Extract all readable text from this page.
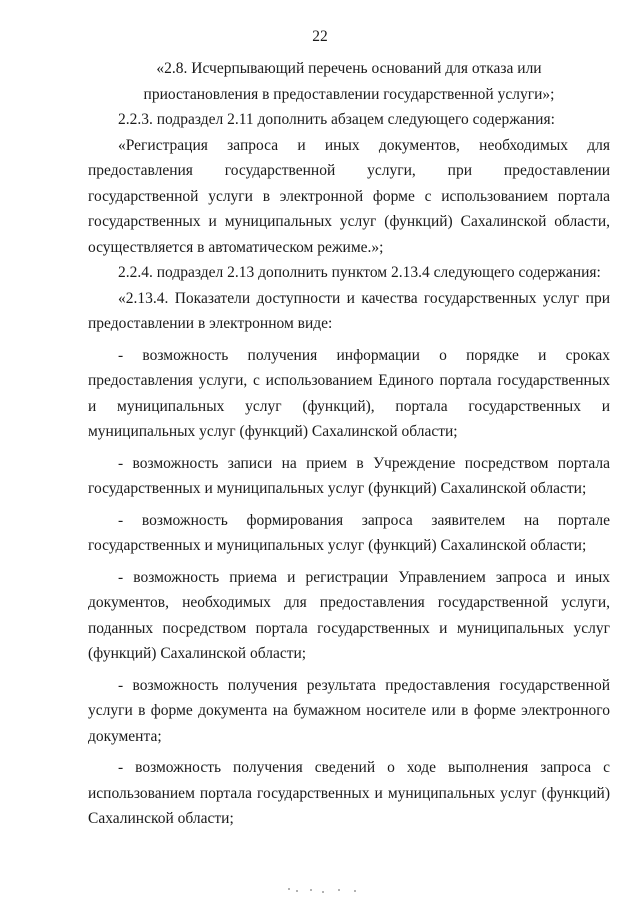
22

«2.8. Исчерпывающий перечень оснований для отказа или

приостановления в предоставлении государственной услуги»;

2.2.3. подраздел 2.11 дополнить абзацем следующего содержания:

«Регистрация запроса и иных документов, необходимых для предоставления государственной услуги, при предоставлении государственной услуги в электронной форме с использованием портала государственных и муниципальных услуг (функций) Сахалинской области, осуществляется в автоматическом режиме.»;

2.2.4. подраздел 2.13 дополнить пунктом 2.13.4 следующего содержания:

«2.13.4. Показатели доступности и качества государственных услуг при предоставлении в электронном виде:

- возможность получения информации о порядке и сроках предоставления услуги, с использованием Единого портала государственных и муниципальных услуг (функций), портала государственных и муниципальных услуг (функций) Сахалинской области;

- возможность записи на прием в Учреждение посредством портала государственных и муниципальных услуг (функций) Сахалинской области;

- возможность формирования запроса заявителем на портале государственных и муниципальных услуг (функций) Сахалинской области;

- возможность приема и регистрации Управлением запроса и иных документов, необходимых для предоставления государственной услуги, поданных посредством портала государственных и муниципальных услуг (функций) Сахалинской области;

- возможность получения результата предоставления государственной услуги в форме документа на бумажном носителе или в форме электронного документа;

- возможность получения сведений о ходе выполнения запроса с использованием портала государственных и муниципальных услуг (функций) Сахалинской области;
